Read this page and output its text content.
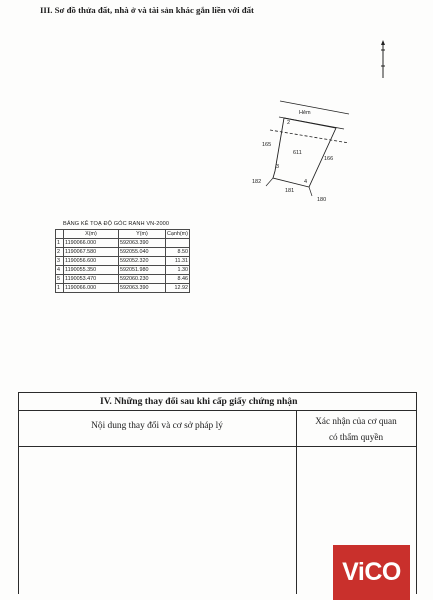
III. Sơ đồ thửa đất, nhà ở và tài sản khác gắn liền với đất
Hẻm
2
3
4
611
165
166
182
181
180
BẢNG KÊ TOẠ ĐỘ GÓC RANH VN-2000
	X(m)	Y(m)	Cạnh(m)
1	1190066.000	592063.390	
2	1190067.580	592055.040	8.50
3	1190056.600	592052.320	11.31
4	1190055.350	592051.980	1.30
5	1190053.470	592060.230	8.46
1	1190066.000	592063.390	12.92
IV. Những thay đổi sau khi cấp giấy chứng nhận
Nội dung thay đổi và cơ sở pháp lý	Xác nhận của cơ quan
có thẩm quyền
ViCO
